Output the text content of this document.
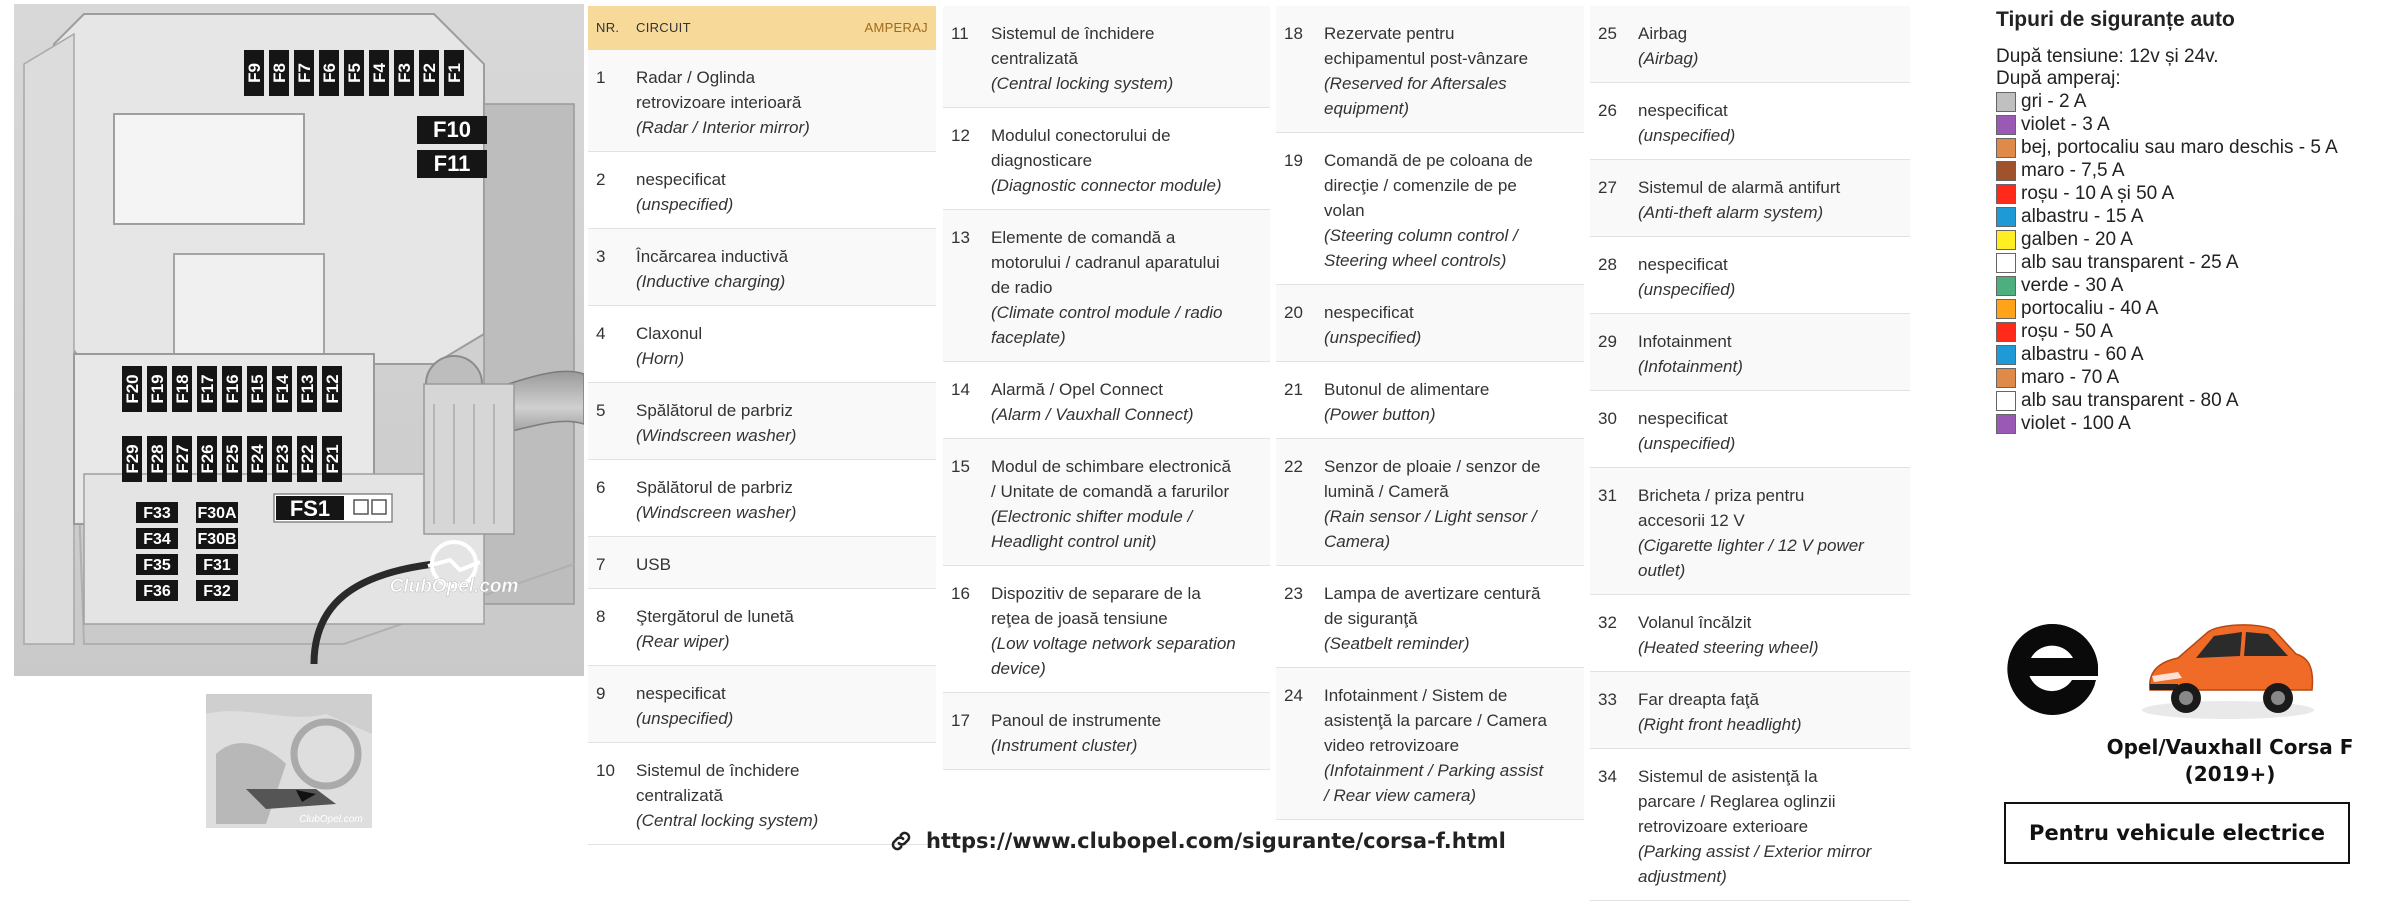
F9 F8 F7 F6 F5 F4 F3 F2 F1
F20 F19 F18 F17 F16 F15 F14 F13 F12
F29 F28 F27 F26 F25 F24 F23 F22 F21
F33
F34
F35
F36
F30A
F30B
F31
F32
F10
F11
FS1
ClubOpel.com
ClubOpel.com
NR.	CIRCUIT	AMPERAJ
1	Radar / Oglinda retrovizoare interioară
(Radar / Interior mirror)	

2	nespecificat
(unspecified)	

3	Încărcarea inductivă
(Inductive charging)	

4	Claxonul
(Horn)	

5	Spălătorul de parbriz
(Windscreen washer)	

6	Spălătorul de parbriz
(Windscreen washer)	

7	USB	
8	Ştergătorul de lunetă
(Rear wiper)	

9	nespecificat
(unspecified)	

10	Sistemul de închidere centralizată
(Central locking system)	

11	Sistemul de închidere centralizată
(Central locking system)	

12	Modulul conectorului de diagnosticare
(Diagnostic connector module)	

13	Elemente de comandă a motorului / cadranul aparatului de radio
(Climate control module / radio faceplate)	

14	Alarmă / Opel Connect
(Alarm / Vauxhall Connect)	

15	Modul de schimbare electronică / Unitate de comandă a farurilor
(Electronic shifter module / Headlight control unit)	

16	Dispozitiv de separare de la reţea de joasă tensiune
(Low voltage network separation device)	

17	Panoul de instrumente
(Instrument cluster)	

18	Rezervate pentru echipamentul post-vânzare
(Reserved for Aftersales equipment)	

19	Comandă de pe coloana de direcţie / comenzile de pe volan
(Steering column control / Steering wheel controls)	

20	nespecificat
(unspecified)	

21	Butonul de alimentare
(Power button)	

22	Senzor de ploaie / senzor de lumină / Cameră
(Rain sensor / Light sensor / Camera)	

23	Lampa de avertizare centură de siguranţă
(Seatbelt reminder)	

24	Infotainment / Sistem de asistenţă la parcare / Camera video retrovizoare
(Infotainment / Parking assist / Rear view camera)	

25	Airbag
(Airbag)	

26	nespecificat
(unspecified)	

27	Sistemul de alarmă antifurt
(Anti-theft alarm system)	

28	nespecificat
(unspecified)	

29	Infotainment
(Infotainment)	

30	nespecificat
(unspecified)	

31	Bricheta / priza pentru accesorii 12 V
(Cigarette lighter / 12 V power outlet)	

32	Volanul încălzit
(Heated steering wheel)	

33	Far dreapta faţă
(Right front headlight)	

34	Sistemul de asistenţă la parcare / Reglarea oglinzii retrovizoare exterioare
(Parking assist / Exterior mirror adjustment)	

Tipuri de siguranțe auto
După tensiune: 12v și 24v.
După amperaj:
gri - 2 A
violet - 3 A
bej, portocaliu sau maro deschis - 5 A
maro - 7,5 A
roșu - 10 A și 50 A
albastru - 15 A
galben - 20 A
alb sau transparent - 25 A
verde - 30 A
portocaliu - 40 A
roșu - 50 A
albastru - 60 A
maro - 70 A
alb sau transparent - 80 A
violet - 100 A
Opel/Vauxhall Corsa F
(2019+)
Pentru vehicule electrice
https://www.clubopel.com/sigurante/corsa-f.html
